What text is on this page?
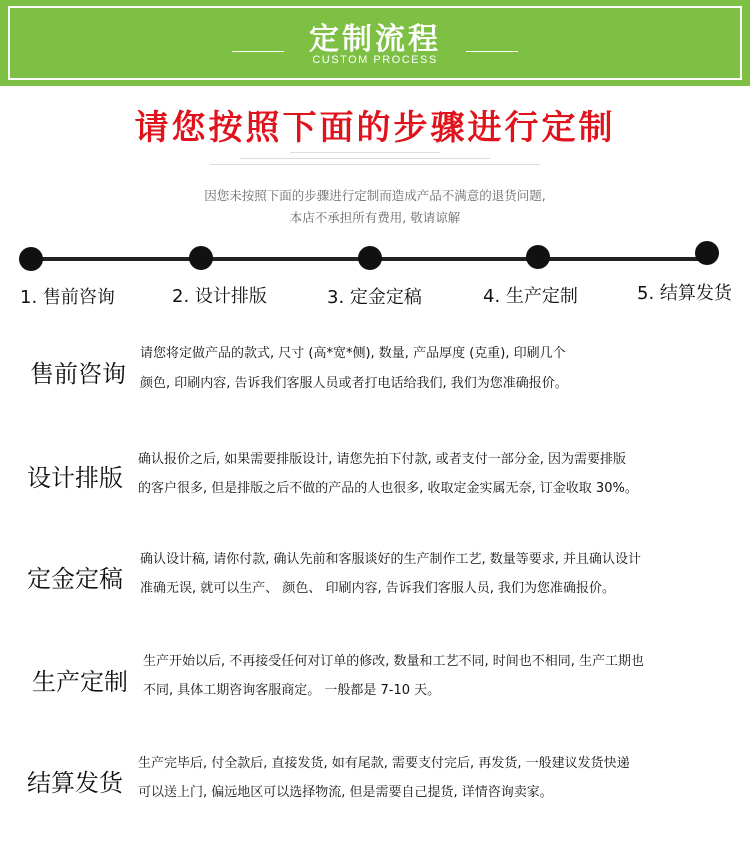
定制流程
CUSTOM PROCESS
请您按照下面的步骤进行定制
因您未按照下面的步骤进行定制而造成产品不满意的退货问题,
本店不承担所有费用, 敬请谅解
1. 售前咨询	2. 设计排版	3. 定金定稿	4. 生产定制	5. 结算发货
售前咨询
请您将定做产品的款式, 尺寸 (高*宽*侧), 数量, 产品厚度 (克重), 印刷几个
颜色, 印刷内容, 告诉我们客服人员或者打电话给我们, 我们为您准确报价。
设计排版
确认报价之后, 如果需要排版设计, 请您先拍下付款, 或者支付一部分金, 因为需要排版
的客户很多, 但是排版之后不做的产品的人也很多, 收取定金实属无奈, 订金收取 30%。
定金定稿
确认设计稿, 请你付款, 确认先前和客服谈好的生产制作工艺, 数量等要求, 并且确认设计
准确无误, 就可以生产、 颜色、 印刷内容, 告诉我们客服人员, 我们为您准确报价。
生产定制
生产开始以后, 不再接受任何对订单的修改, 数量和工艺不同, 时间也不相同, 生产工期也
不同, 具体工期咨询客服商定。 一般都是 7-10 天。
结算发货
生产完毕后, 付全款后, 直接发货, 如有尾款, 需要支付完后, 再发货, 一般建议发货快递
可以送上门, 偏远地区可以选择物流, 但是需要自己提货, 详情咨询卖家。
